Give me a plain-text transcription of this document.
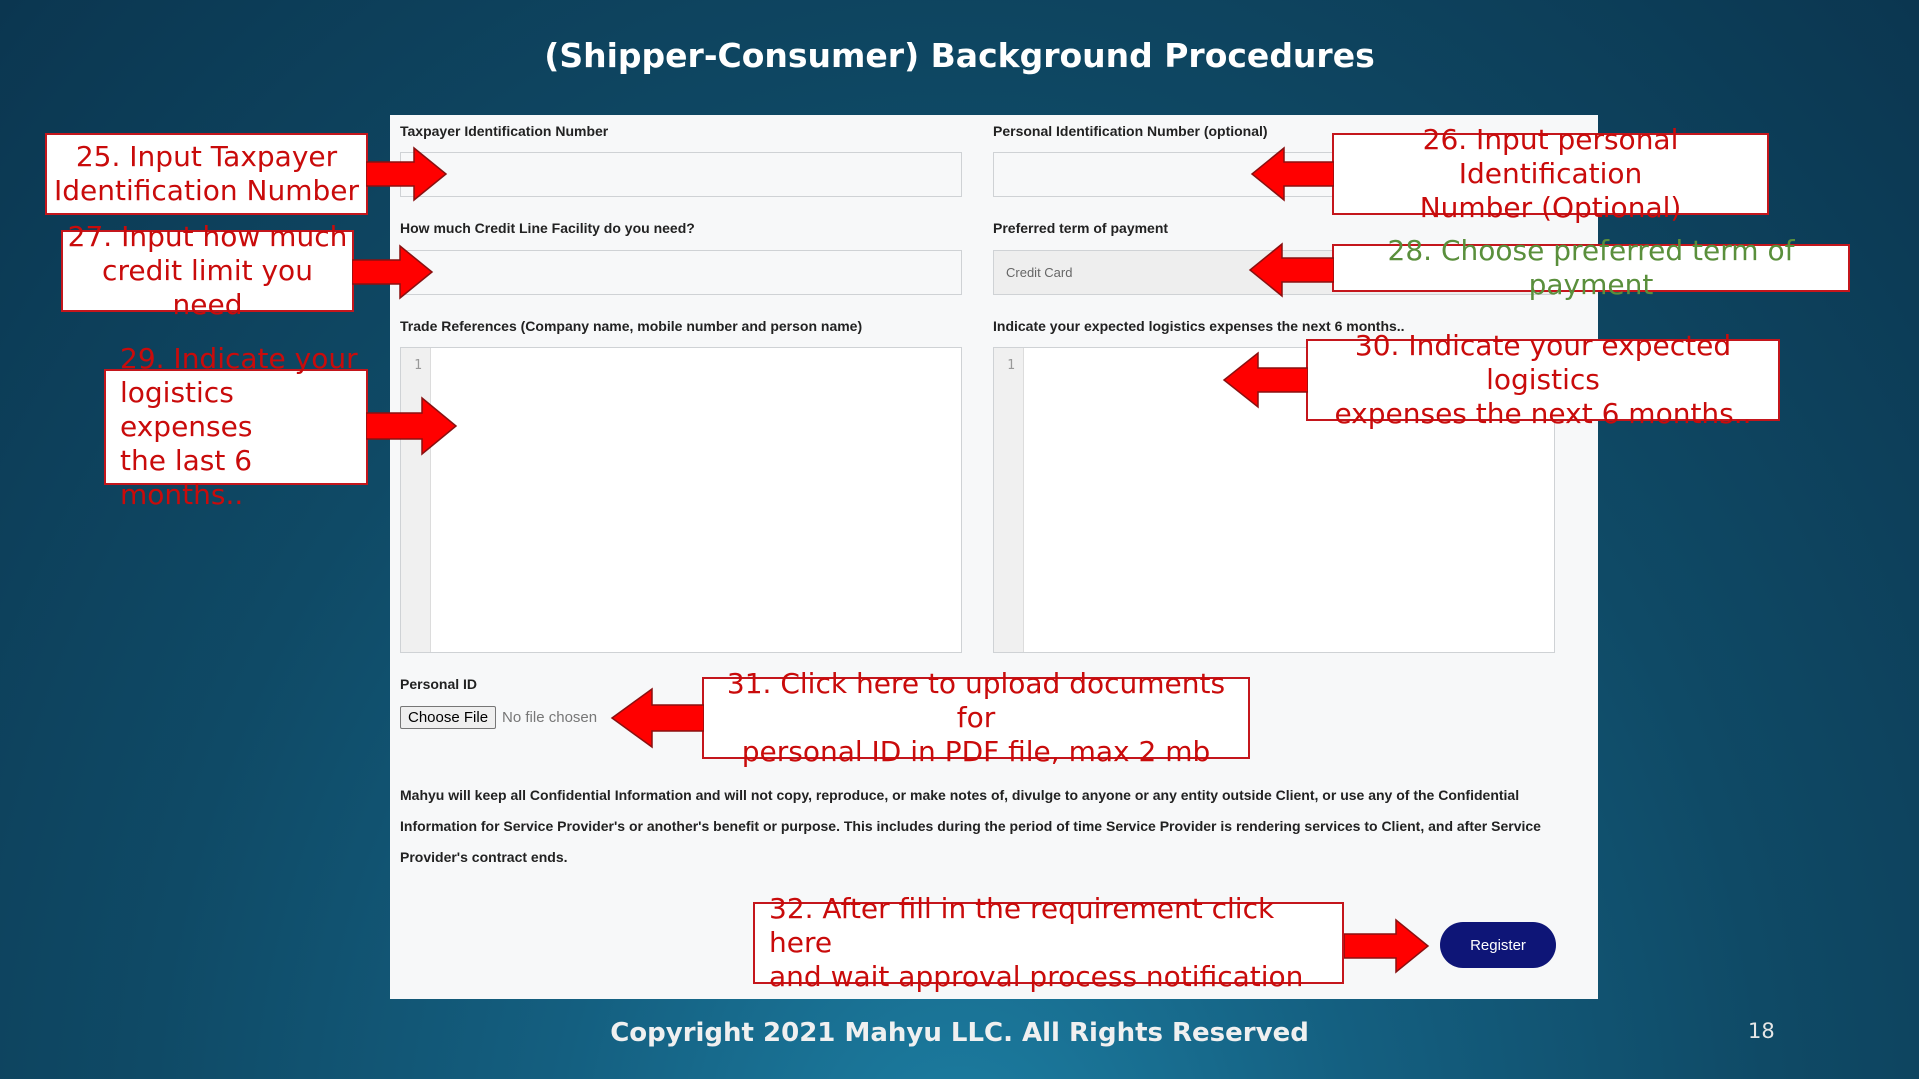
(Shipper-Consumer) Background Procedures
Taxpayer Identification Number	Personal Identification Number (optional)
How much Credit Line Facility do you need?	Preferred term of payment
Credit Card
Trade References (Company name, mobile number and person name)
1
Indicate your expected logistics expenses the next 6 months..
1
Personal ID
Choose File No file chosen
Mahyu will keep all Confidential Information and will not copy, reproduce, or make notes of, divulge to anyone or any entity outside Client, or use any of the Confidential Information for Service Provider's or another's benefit or purpose. This includes during the period of time Service Provider is rendering services to Client, and after Service Provider's contract ends.
Register
25. Input Taxpayer
Identification Number
26. Input personal Identification
Number (Optional)
27. Input how much
credit limit you need
28. Choose preferred term of payment
29. Indicate your
logistics expenses
the last 6 months..
30. Indicate your expected logistics
expenses the next 6 months..
31. Click here to upload documents for
personal ID in PDF file, max 2 mb
32. After fill in the requirement click here
and wait approval process notification
Copyright 2021 Mahyu LLC. All Rights Reserved	18
